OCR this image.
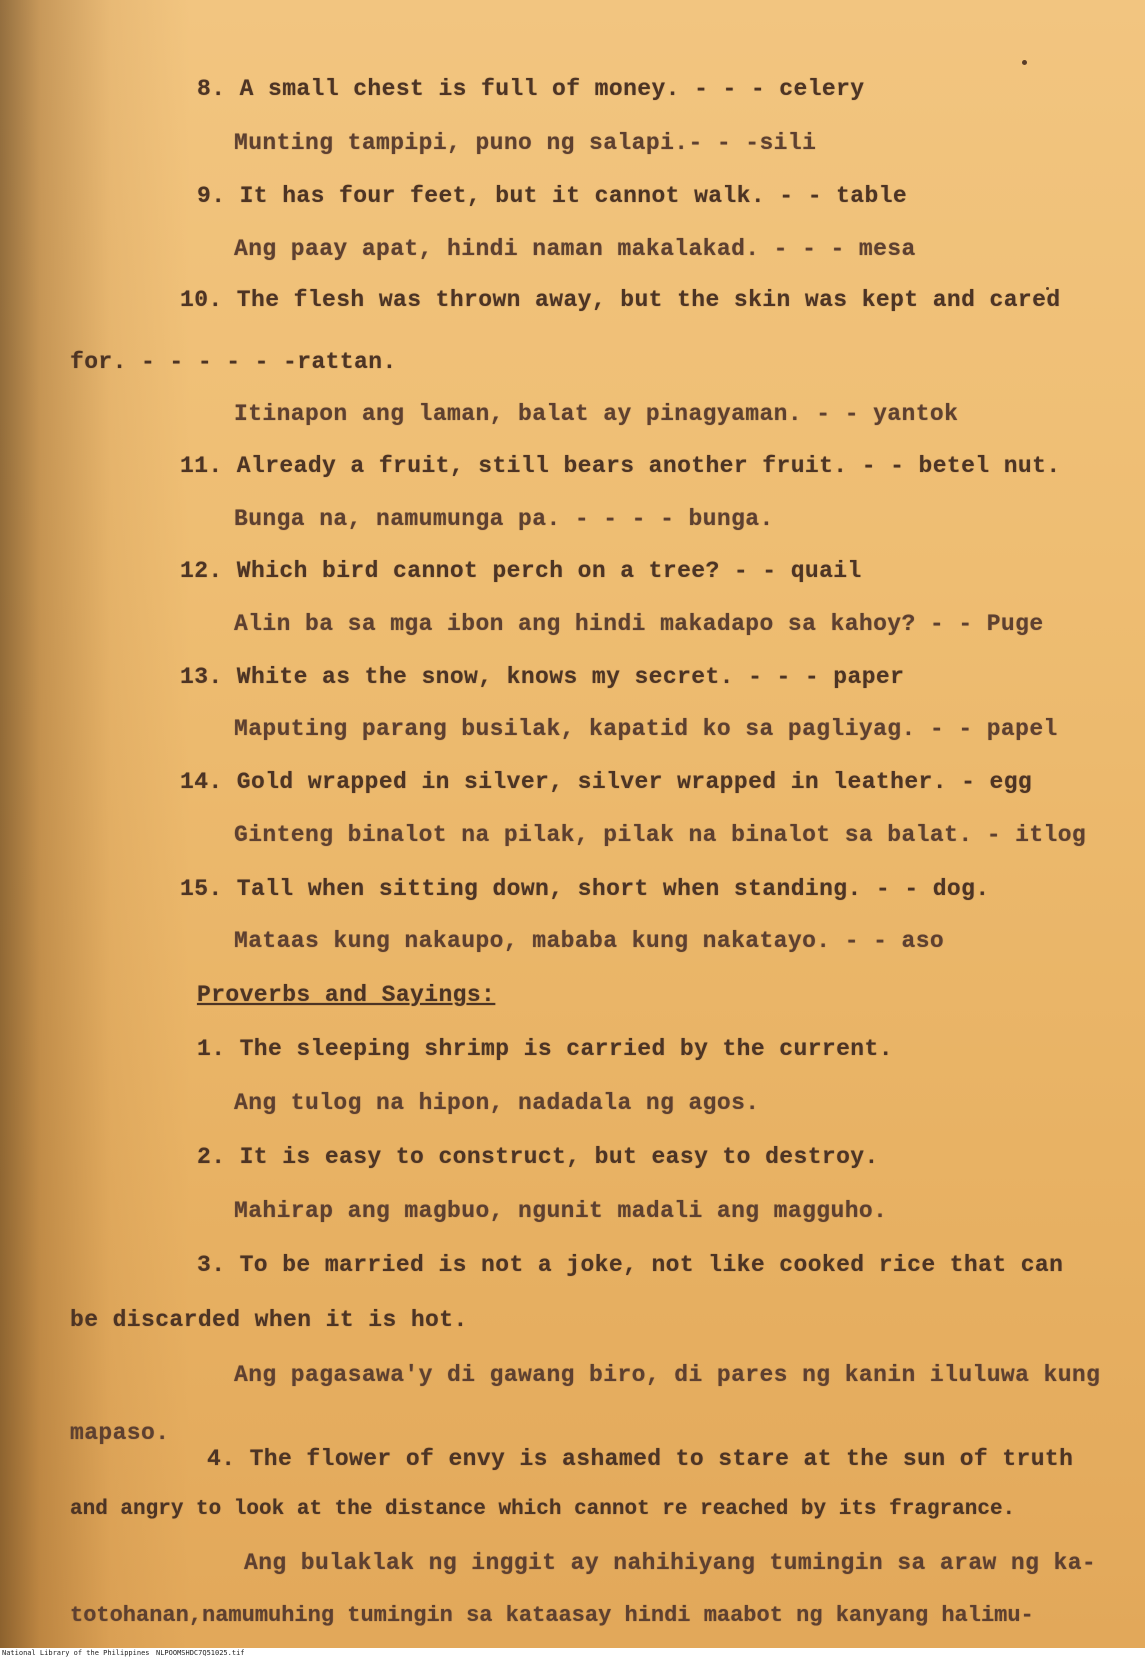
8. A small chest is full of money. - - - celery
Munting tampipi, puno ng salapi.- - -sili
9. It has four feet, but it cannot walk. - - table
Ang paay apat, hindi naman makalakad. - - - mesa
10. The flesh was thrown away, but the skin was kept and cared
for. - - - - - -rattan.
Itinapon ang laman, balat ay pinagyaman. - - yantok
11. Already a fruit, still bears another fruit. - - betel nut.
Bunga na, namumunga pa. - - - - bunga.
12. Which bird cannot perch on a tree? - - quail
Alin ba sa mga ibon ang hindi makadapo sa kahoy? - - Puge
13. White as the snow, knows my secret. - - - paper
Maputing parang busilak, kapatid ko sa pagliyag. - - papel
14. Gold wrapped in silver, silver wrapped in leather. - egg
Ginteng binalot na pilak, pilak na binalot sa balat. - itlog
15. Tall when sitting down, short when standing. - - dog.
Mataas kung nakaupo, mababa kung nakatayo. - - aso
Proverbs and Sayings:
1. The sleeping shrimp is carried by the current.
Ang tulog na hipon, nadadala ng agos.
2. It is easy to construct, but easy to destroy.
Mahirap ang magbuo, ngunit madali ang magguho.
3. To be married is not a joke, not like cooked rice that can
be discarded when it is hot.
Ang pagasawa'y di gawang biro, di pares ng kanin iluluwa kung
mapaso.
4. The flower of envy is ashamed to stare at the sun of truth
and angry to look at the distance which cannot re reached by its fragrance.
Ang bulaklak ng inggit ay nahihiyang tumingin sa araw ng ka-
totohanan,namumuhing tumingin sa kataasay hindi maabot ng kanyang halimu-
National Library of the Philippines NLPOOMSHDC7Q51025.tif
